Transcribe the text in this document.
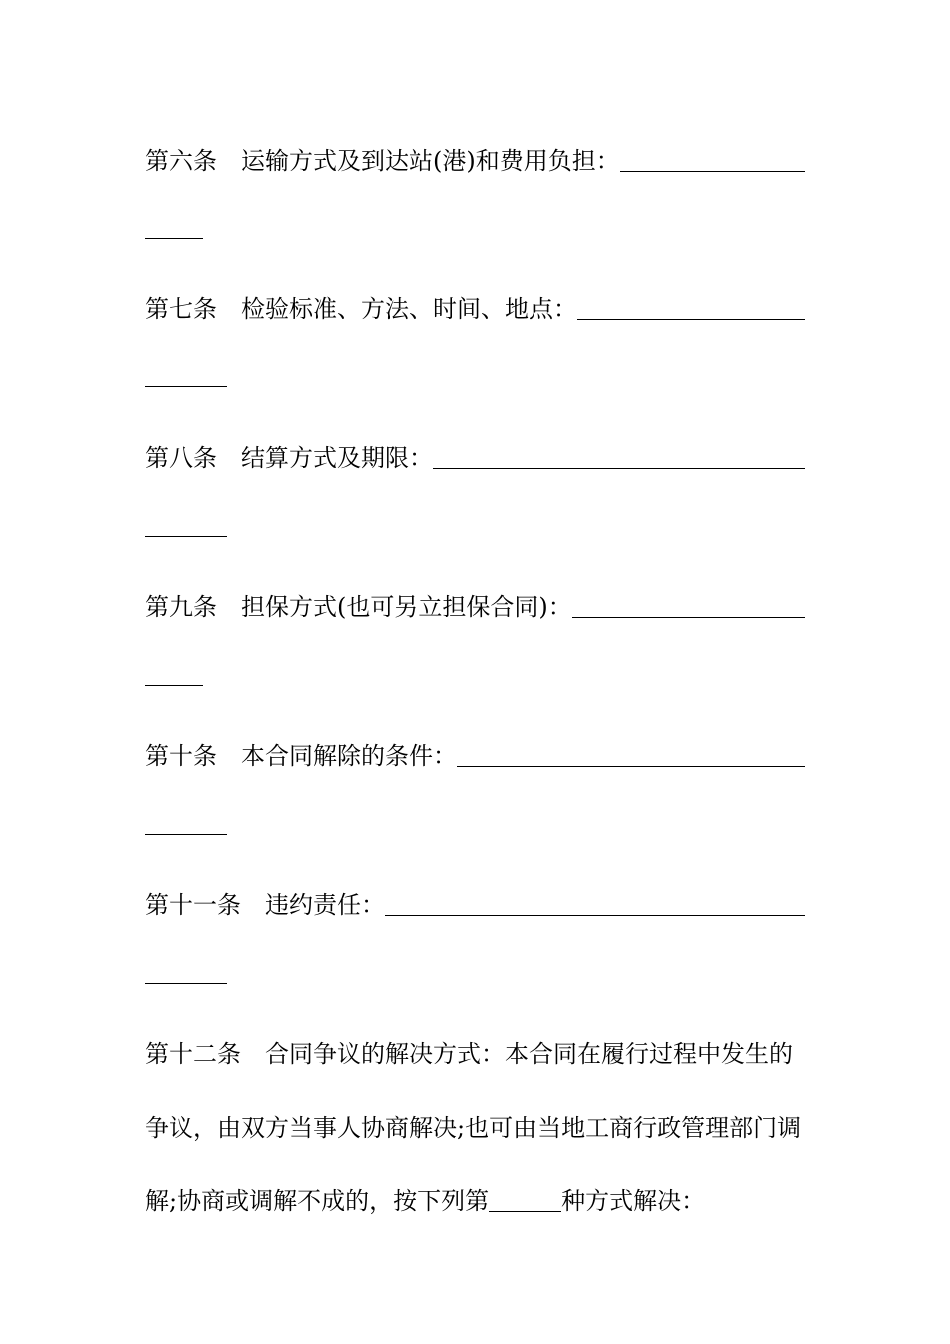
第六条 运输方式及到达站(港)和费用负担：
第七条 检验标准、方法、时间、地点：
第八条 结算方式及期限：
第九条 担保方式(也可另立担保合同)：
第十条 本合同解除的条件：
第十一条 违约责任：
第十二条 合同争议的解决方式：本合同在履行过程中发生的
争议，由双方当事人协商解决;也可由当地工商行政管理部门调
解;协商或调解不成的，按下列第	种方式解决：
